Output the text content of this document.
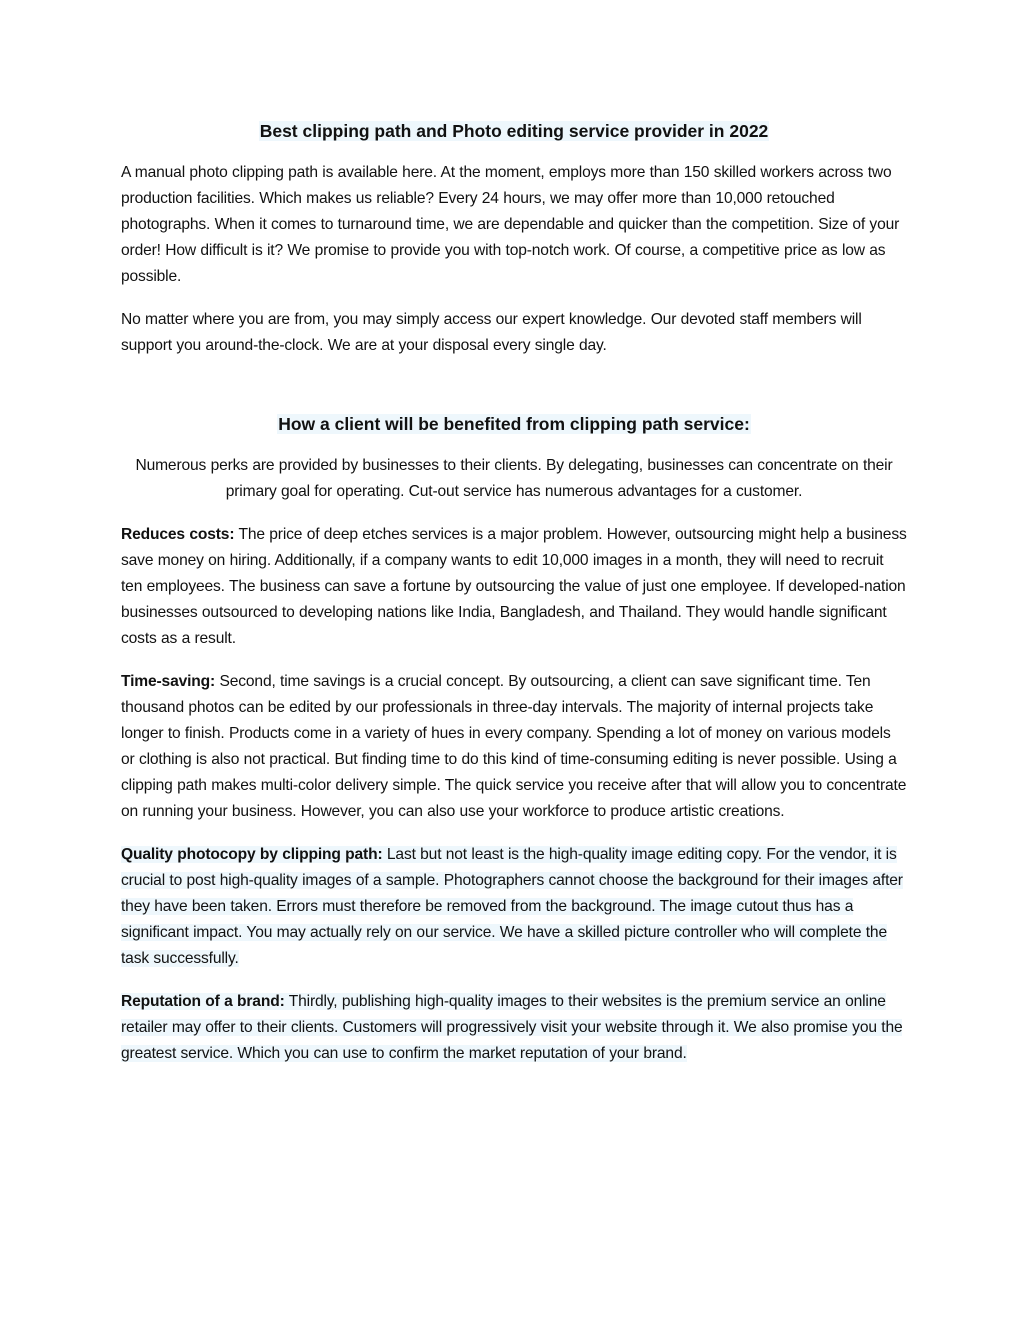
Best clipping path and Photo editing service provider in 2022

A manual photo clipping path is available here. At the moment, employs more than 150 skilled workers across two production facilities. Which makes us reliable? Every 24 hours, we may offer more than 10,000 retouched photographs. When it comes to turnaround time, we are dependable and quicker than the competition. Size of your order! How difficult is it? We promise to provide you with top-notch work. Of course, a competitive price as low as possible.

No matter where you are from, you may simply access our expert knowledge. Our devoted staff members will support you around-the-clock. We are at your disposal every single day.

How a client will be benefited from clipping path service:

Numerous perks are provided by businesses to their clients. By delegating, businesses can concentrate on their primary goal for operating. Cut-out service has numerous advantages for a customer.

Reduces costs: The price of deep etches services is a major problem. However, outsourcing might help a business save money on hiring. Additionally, if a company wants to edit 10,000 images in a month, they will need to recruit ten employees. The business can save a fortune by outsourcing the value of just one employee. If developed-nation businesses outsourced to developing nations like India, Bangladesh, and Thailand. They would handle significant costs as a result.

Time-saving: Second, time savings is a crucial concept. By outsourcing, a client can save significant time. Ten thousand photos can be edited by our professionals in three-day intervals. The majority of internal projects take longer to finish. Products come in a variety of hues in every company. Spending a lot of money on various models or clothing is also not practical. But finding time to do this kind of time-consuming editing is never possible. Using a clipping path makes multi-color delivery simple. The quick service you receive after that will allow you to concentrate on running your business. However, you can also use your workforce to produce artistic creations.

Quality photocopy by clipping path: Last but not least is the high-quality image editing copy. For the vendor, it is crucial to post high-quality images of a sample. Photographers cannot choose the background for their images after they have been taken. Errors must therefore be removed from the background. The image cutout thus has a significant impact. You may actually rely on our service. We have a skilled picture controller who will complete the task successfully.

Reputation of a brand: Thirdly, publishing high-quality images to their websites is the premium service an online retailer may offer to their clients. Customers will progressively visit your website through it. We also promise you the greatest service. Which you can use to confirm the market reputation of your brand.
